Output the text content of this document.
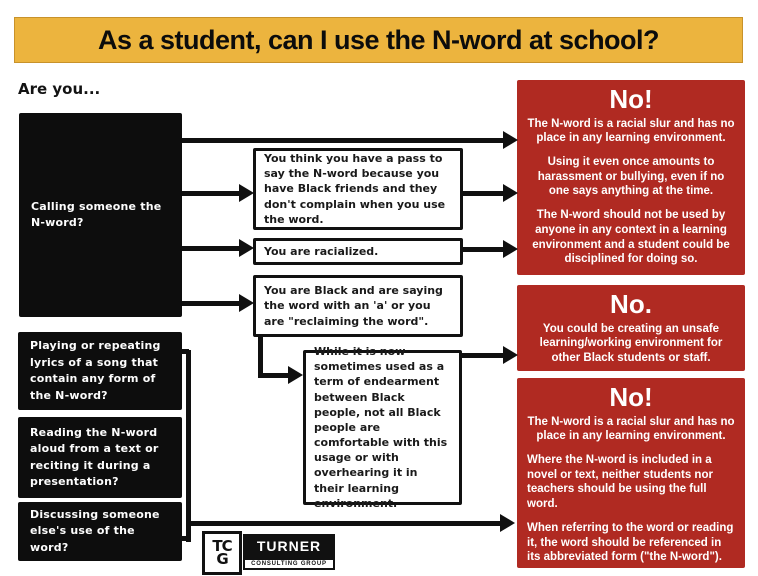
As a student, can I use the N-word at school?
Are you...
Calling someone the N-word?
Playing or repeating lyrics of a song that contain any form of the N-word?
Reading the N-word aloud from a text or reciting it during a presentation?
Discussing someone else's use of the word?
You think you have a pass to say the N-word because you have Black friends and they don't complain when you use the word.
You are racialized.
You are Black and are saying the word with an 'a' or you are "reclaiming the word".
While it is now sometimes used as a term of endearment between Black people, not all Black people are comfortable with this usage or with overhearing it in their learning environment.
No!

The N-word is a racial slur and has no place in any learning environment.

Using it even once amounts to harassment or bullying, even if no one says anything at the time.

The N-word should not be used by anyone in any context in a learning environment and a student could be disciplined for doing so.

No.

You could be creating an unsafe learning/working environment for other Black students or staff.

No!

The N-word is a racial slur and has no place in any learning environment.

Where the N-word is included in a novel or text, neither students nor teachers should be using the full word.

When referring to the word or reading it, the word should be referenced in its abbreviated form ("the N-word").

TC
G
TURNER
CONSULTING GROUP
